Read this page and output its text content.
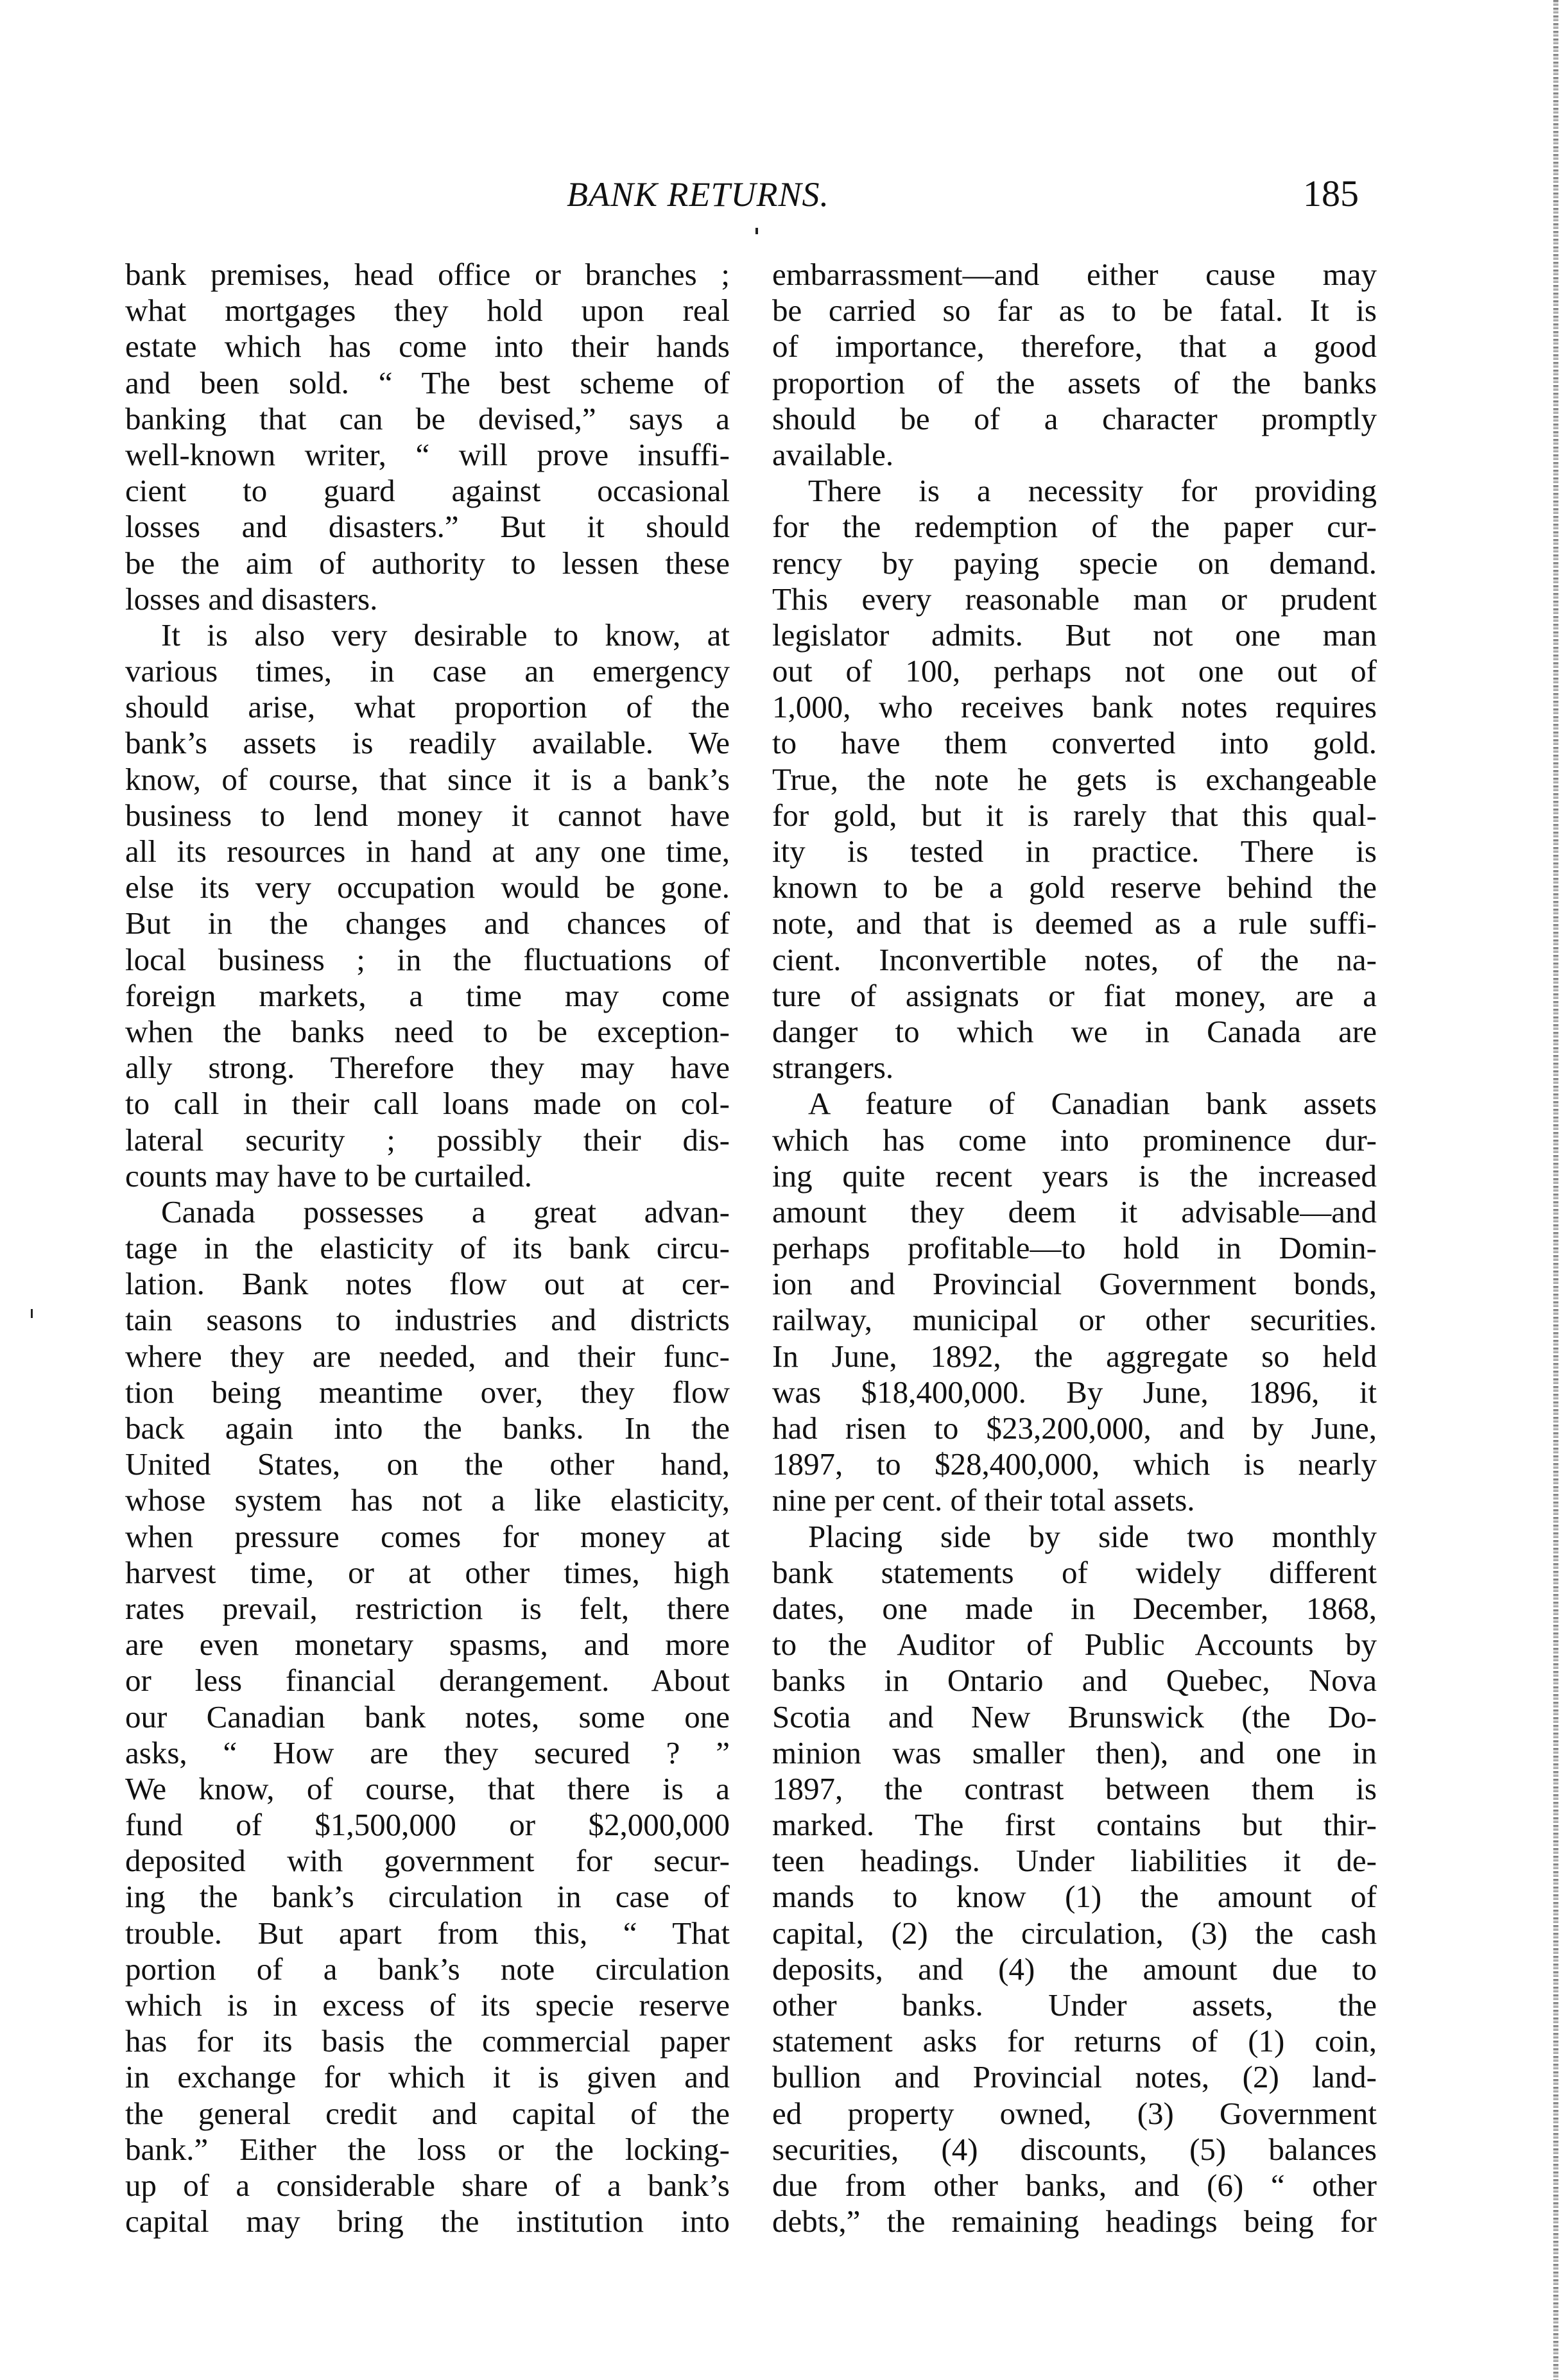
BANK RETURNS.	185
bank premises, head office or branches ;
what mortgages they hold upon real
estate which has come into their hands
and been sold. “ The best scheme of
banking that can be devised,” says a
well-known writer, “ will prove insuffi-
cient to guard against occasional
losses and disasters.” But it should
be the aim of authority to lessen these
losses and disasters.
It is also very desirable to know, at
various times, in case an emergency
should arise, what proportion of the
bank’s assets is readily available. We
know, of course, that since it is a bank’s
business to lend money it cannot have
all its resources in hand at any one time,
else its very occupation would be gone.
But in the changes and chances of
local business ; in the fluctuations of
foreign markets, a time may come
when the banks need to be exception-
ally strong. Therefore they may have
to call in their call loans made on col-
lateral security ; possibly their dis-
counts may have to be curtailed.
Canada possesses a great advan-
tage in the elasticity of its bank circu-
lation. Bank notes flow out at cer-
tain seasons to industries and districts
where they are needed, and their func-
tion being meantime over, they flow
back again into the banks. In the
United States, on the other hand,
whose system has not a like elasticity,
when pressure comes for money at
harvest time, or at other times, high
rates prevail, restriction is felt, there
are even monetary spasms, and more
or less financial derangement. About
our Canadian bank notes, some one
asks, “ How are they secured ? ”
We know, of course, that there is a
fund of $1,500,000 or $2,000,000
deposited with government for secur-
ing the bank’s circulation in case of
trouble. But apart from this, “ That
portion of a bank’s note circulation
which is in excess of its specie reserve
has for its basis the commercial paper
in exchange for which it is given and
the general credit and capital of the
bank.” Either the loss or the locking-
up of a considerable share of a bank’s
capital may bring the institution into
embarrassment—and either cause may
be carried so far as to be fatal. It is
of importance, therefore, that a good
proportion of the assets of the banks
should be of a character promptly
available.
There is a necessity for providing
for the redemption of the paper cur-
rency by paying specie on demand.
This every reasonable man or prudent
legislator admits. But not one man
out of 100, perhaps not one out of
1,000, who receives bank notes requires
to have them converted into gold.
True, the note he gets is exchangeable
for gold, but it is rarely that this qual-
ity is tested in practice. There is
known to be a gold reserve behind the
note, and that is deemed as a rule suffi-
cient. Inconvertible notes, of the na-
ture of assignats or fiat money, are a
danger to which we in Canada are
strangers.
A feature of Canadian bank assets
which has come into prominence dur-
ing quite recent years is the increased
amount they deem it advisable—and
perhaps profitable—to hold in Domin-
ion and Provincial Government bonds,
railway, municipal or other securities.
In June, 1892, the aggregate so held
was $18,400,000. By June, 1896, it
had risen to $23,200,000, and by June,
1897, to $28,400,000, which is nearly
nine per cent. of their total assets.
Placing side by side two monthly
bank statements of widely different
dates, one made in December, 1868,
to the Auditor of Public Accounts by
banks in Ontario and Quebec, Nova
Scotia and New Brunswick (the Do-
minion was smaller then), and one in
1897, the contrast between them is
marked. The first contains but thir-
teen headings. Under liabilities it de-
mands to know (1) the amount of
capital, (2) the circulation, (3) the cash
deposits, and (4) the amount due to
other banks. Under assets, the
statement asks for returns of (1) coin,
bullion and Provincial notes, (2) land-
ed property owned, (3) Government
securities, (4) discounts, (5) balances
due from other banks, and (6) “ other
debts,” the remaining headings being for
